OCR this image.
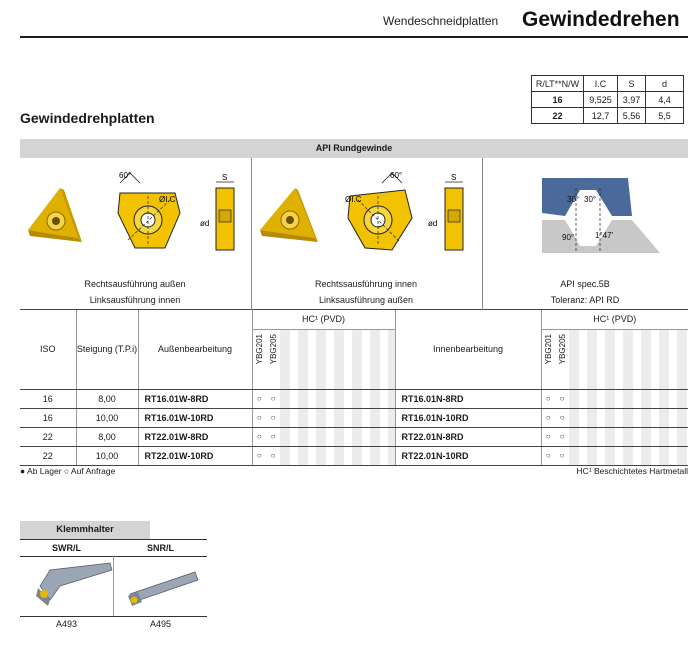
Wendeschneidplatten Gewindedrehen
R/LT**N/W	I.C	S	d
16	9,525	3,97	4,4
22	12,7	5,56	5,5
Gewindedrehplatten
API Rundgewinde
60°
ØI.C
S
ød
60°
ØI.C
S
ød
30° 30°
90°	1°47'
Rechtsausführung außen
Linksausführung innen
Rechtssausführung innen
Linksausführung außen
API spec.5B
Toleranz: API RD
ISO	Steigung (T.P.i)	Außenbearbeitung	HC¹ (PVD)			Innenbearbeitung	HC¹ (PVD)		
			YBG201	YBG205			YBG201	YBG205	
16	8,00	RT16.01W-8RD	○	○		RT16.01N-8RD	○	○	
16	10,00	RT16.01W-10RD	○	○		RT16.01N-10RD	○	○	
22	8,00	RT22.01W-8RD	○	○		RT22.01N-8RD	○	○	
22	10,00	RT22.01W-10RD	○	○		RT22.01N-10RD	○	○	
● Ab Lager ○ Auf Anfrage	HC¹ Beschichtetes Hartmetall
Klemmhalter
SWR/L	SNR/L
A493	A495
